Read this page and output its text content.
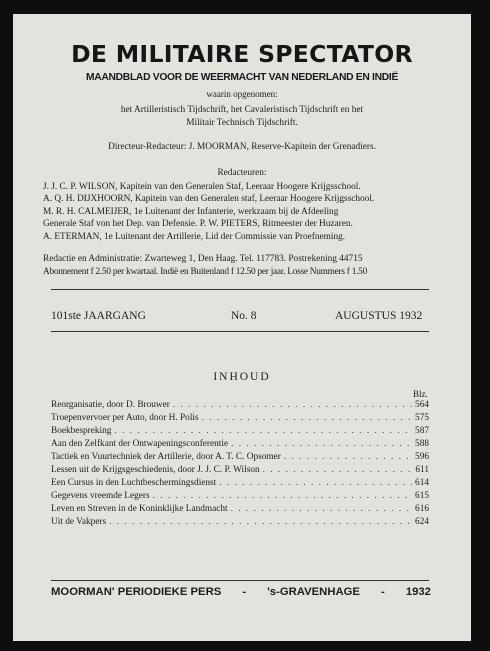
DE MILITAIRE SPECTATOR
MAANDBLAD VOOR DE WEERMACHT VAN NEDERLAND EN INDIË
waarin opgenomen:
het Artilleristisch Tijdschrift, het Cavaleristisch Tijdschrift en het
Militair Technisch Tijdschrift.
Directeur-Redacteur: J. MOORMAN, Reserve-Kapitein der Grenadiers.
Redacteuren:
J. J. C. P. WILSON, Kapitein van den Generalen Staf, Leeraar Hoogere Krijgsschool.
A. Q. H. DIJXHOORN, Kapitein van den Generalen staf, Leeraar Hoogere Krijgsschool.
M. R. H. CALMEIJER, 1e Luitenant der Infanterie, werkzaam bij de Afdeeling
Generale Staf von het Dep. van Defensie. P. W. PIETERS, Ritmeester der Huzaren.
A. ETERMAN, 1e Luitenant der Artillerie, Lid der Commissie van Proefneming.
Redactie en Administratie: Zwarteweg 1, Den Haag. Tel. 117783. Postrekening 44715
Abonnement f 2.50 per kwartaal. Indië en Buitenland f 12.50 per jaar. Losse Nummers f 1.50
101ste JAARGANG	No. 8	AUGUSTUS 1932
INHOUD
Blz.
Reorganisatie, door D. Brouwer . . .	564
Troepenvervoer per Auto, door H. Polis . . .	575
Boekbespreking . . .	587
Aan den Zelfkant der Ontwapeningsconferentie . . .	588
Tactiek en Vuurtechniek der Artillerie, door A. T. C. Opsomer . . .	596
Lessen uit de Krijgsgeschiedenis, door J. J. C. P. Wilson . . .	611
Een Cursus in den Luchtbeschermingsdienst . . .	614
Gegevens vreemde Legers . . .	615
Leven en Streven in de Koninklijke Landmacht . . .	616
Uit de Vakpers . . .	624
MOORMAN' PERIODIEKE PERS - 's-GRAVENHAGE - 1932
